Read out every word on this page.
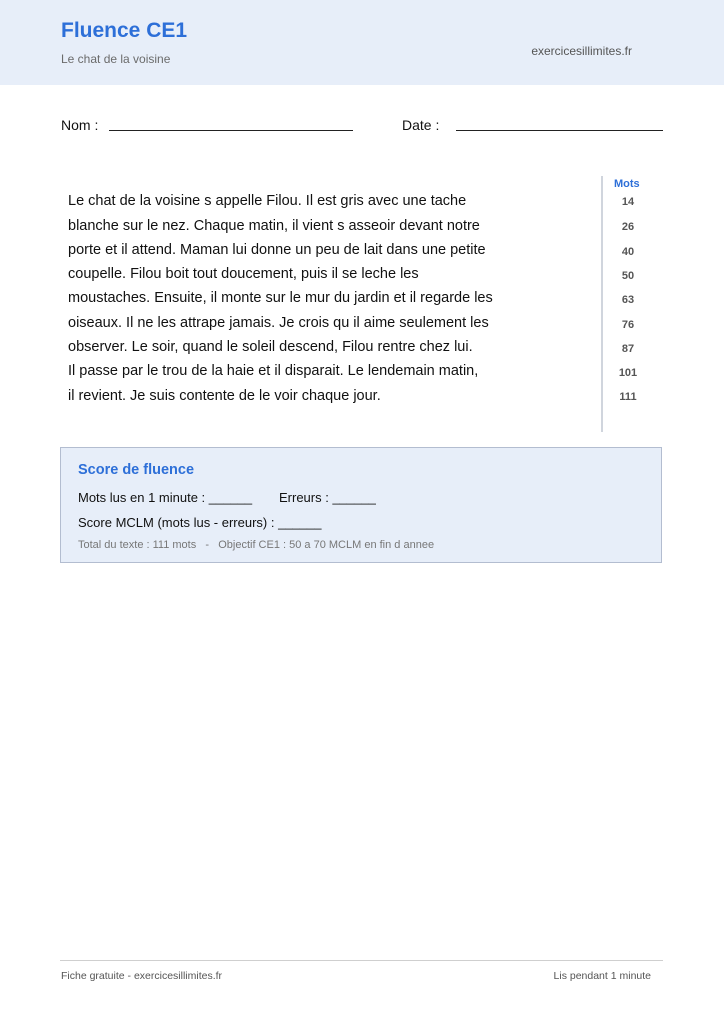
Fluence CE1
Le chat de la voisine
exercicesillimites.fr
Nom :	Date :
Mots
Le chat de la voisine s appelle Filou. Il est gris avec une tache	14
blanche sur le nez. Chaque matin, il vient s asseoir devant notre	26
porte et il attend. Maman lui donne un peu de lait dans une petite	40
coupelle. Filou boit tout doucement, puis il se leche les	50
moustaches. Ensuite, il monte sur le mur du jardin et il regarde les	63
oiseaux. Il ne les attrape jamais. Je crois qu il aime seulement les	76
observer. Le soir, quand le soleil descend, Filou rentre chez lui.	87
Il passe par le trou de la haie et il disparait. Le lendemain matin,	101
il revient. Je suis contente de le voir chaque jour.	111
Score de fluence
Mots lus en 1 minute : ______ Erreurs : ______
Score MCLM (mots lus - erreurs) : ______
Total du texte : 111 mots   -   Objectif CE1 : 50 a 70 MCLM en fin d annee
Fiche gratuite - exercicesillimites.fr	Lis pendant 1 minute
